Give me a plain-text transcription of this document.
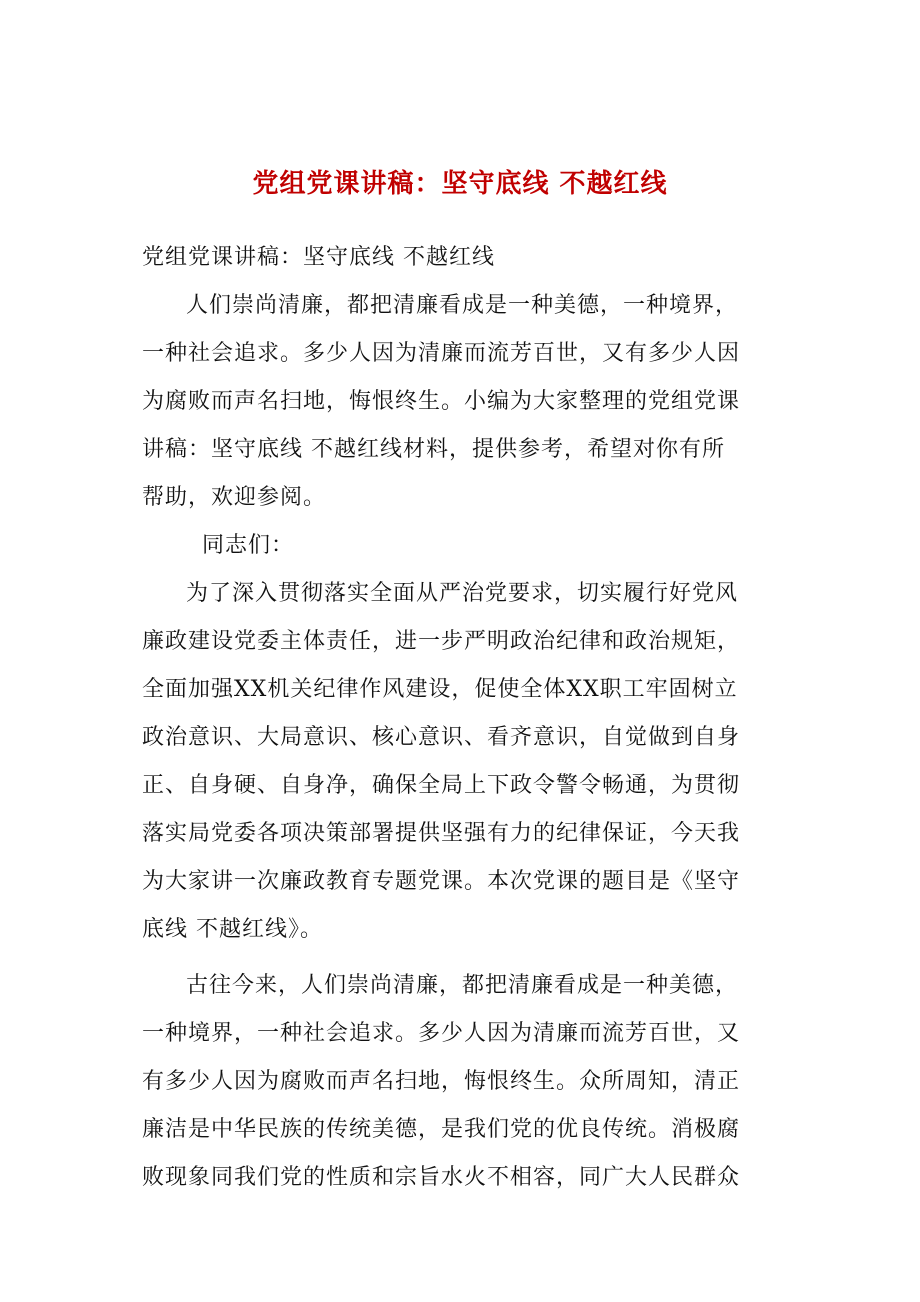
党组党课讲稿：坚守底线 不越红线
党组党课讲稿：坚守底线 不越红线
人们崇尚清廉，都把清廉看成是一种美德，一种境界，
一种社会追求。多少人因为清廉而流芳百世，又有多少人因
为腐败而声名扫地，悔恨终生。小编为大家整理的党组党课
讲稿：坚守底线 不越红线材料，提供参考，希望对你有所
帮助，欢迎参阅。
同志们：
为了深入贯彻落实全面从严治党要求，切实履行好党风
廉政建设党委主体责任，进一步严明政治纪律和政治规矩，
全面加强XX机关纪律作风建设，促使全体XX职工牢固树立
政治意识、大局意识、核心意识、看齐意识，自觉做到自身
正、自身硬、自身净，确保全局上下政令警令畅通，为贯彻
落实局党委各项决策部署提供坚强有力的纪律保证，今天我
为大家讲一次廉政教育专题党课。本次党课的题目是《坚守
底线 不越红线》。
古往今来，人们崇尚清廉，都把清廉看成是一种美德，
一种境界，一种社会追求。多少人因为清廉而流芳百世，又
有多少人因为腐败而声名扫地，悔恨终生。众所周知，清正
廉洁是中华民族的传统美德，是我们党的优良传统。消极腐
败现象同我们党的性质和宗旨水火不相容，同广大人民群众
